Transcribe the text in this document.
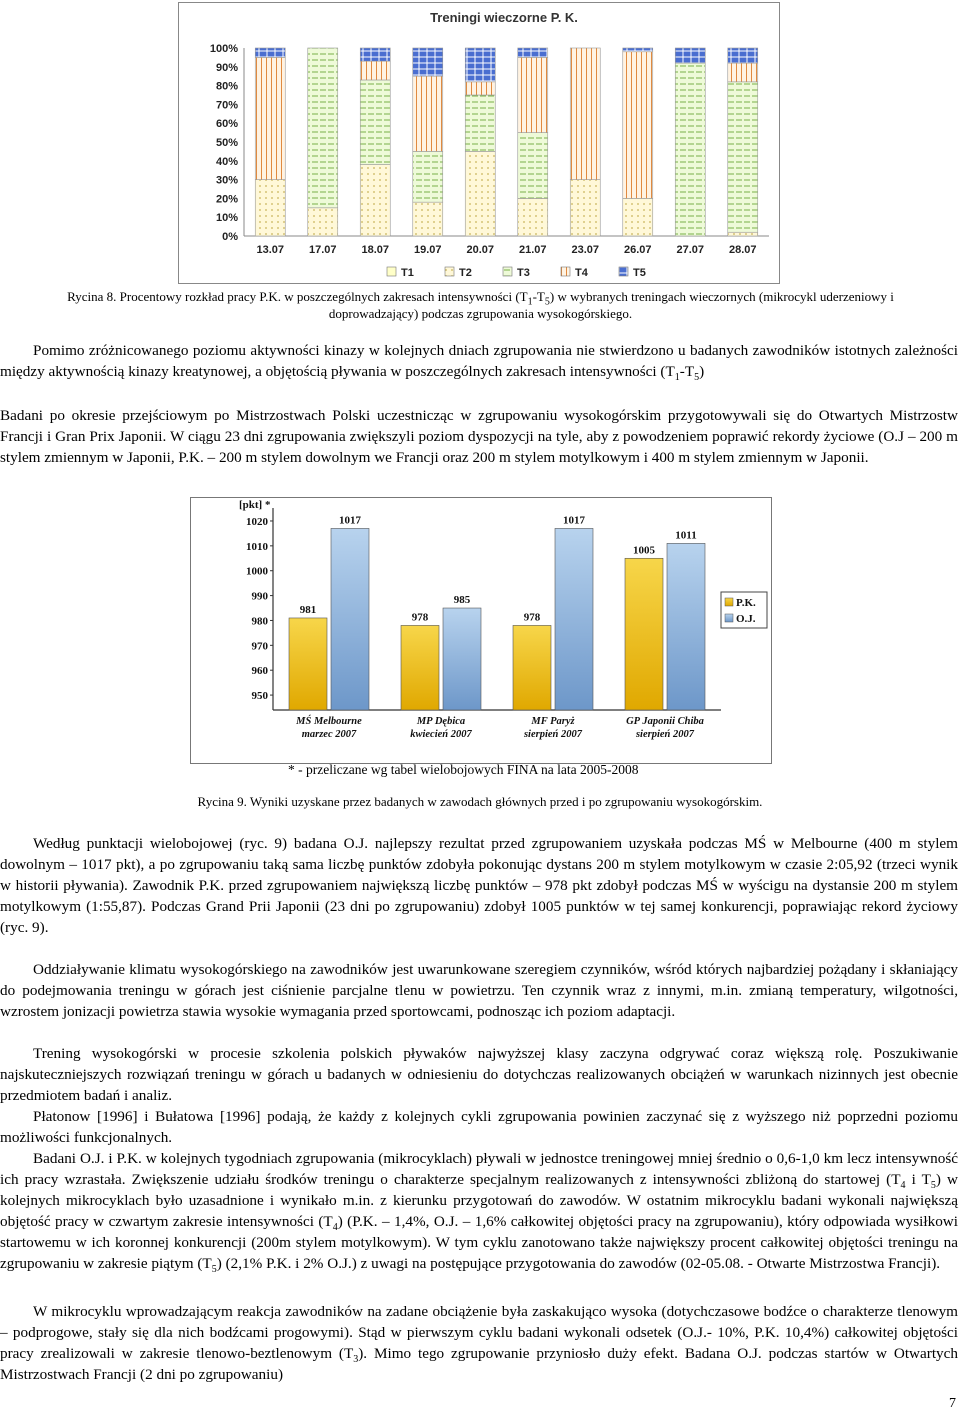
Treningi wieczorne P. K.
100%
90%
80%
70%
60%
50%
40%
30%
20%
10%
0%
13.07 17.07 18.07 19.07 20.07 21.07 23.07 26.07 27.07 28.07
T1	T2	T3	T4	T5
Rycina 8. Procentowy rozkład pracy P.K. w poszczególnych zakresach intensywności $(T_1-T_5)$ w wybranych treningach wieczornych (mikrocykl uderzeniowy i
doprowadzający) podczas zgrupowania wysokogórskiego.
Pomimo zróżnicowanego poziomu aktywności kinazy w kolejnych dniach zgrupowania nie stwierdzono u badanych zawodników istotnych zależności między aktywnością kinazy kreatynowej, a objętością pływania w poszczególnych zakresach intensywności $(T_1-T_5)$
Badani po okresie przejściowym po Mistrzostwach Polski uczestnicząc w zgrupowaniu wysokogórskim przygotowywali się do Otwartych Mistrzostw Francji i Gran Prix Japonii. W ciągu 23 dni zgrupowania zwiększyli poziom dyspozycji na tyle, aby z powodzeniem poprawić rekordy życiowe (O.J – 200 m stylem zmiennym w Japonii, P.K. – 200 m stylem dowolnym we Francji oraz 200 m stylem motylkowym i 400 m stylem zmiennym w Japonii.
[pkt] *
1020
1010
1000
990
980
970
960
950
981
1017
978
985
978
1017
1005
1011
MŚ Melbourne
marzec 2007
MP Dębica
kwiecień 2007
MF Paryż
sierpień 2007
GP Japonii Chiba
sierpień 2007
P.K.
O.J.
* - przeliczane wg tabel wielobojowych FINA na lata 2005-2008
Rycina 9. Wyniki uzyskane przez badanych w zawodach głównych przed i po zgrupowaniu wysokogórskim.
Według punktacji wielobojowej (ryc. 9) badana O.J. najlepszy rezultat przed zgrupowaniem uzyskała podczas MŚ w Melbourne (400 m stylem dowolnym – 1017 pkt), a po zgrupowaniu taką sama liczbę punktów zdobyła pokonując dystans 200 m stylem motylkowym w czasie 2:05,92 (trzeci wynik w historii pływania). Zawodnik P.K. przed zgrupowaniem największą liczbę punktów – 978 pkt zdobył podczas MŚ w wyścigu na dystansie 200 m stylem motylkowym (1:55,87). Podczas Grand Prii Japonii (23 dni po zgrupowaniu) zdobył 1005 punktów w tej samej konkurencji, poprawiając rekord życiowy (ryc. 9).
Oddziaływanie klimatu wysokogórskiego na zawodników jest uwarunkowane szeregiem czynników, wśród których najbardziej pożądany i skłaniający do podejmowania treningu w górach jest ciśnienie parcjalne tlenu w powietrzu. Ten czynnik wraz z innymi, m.in. zmianą temperatury, wilgotności, wzrostem jonizacji powietrza stawia wysokie wymagania przed sportowcami, podnosząc ich poziom adaptacji.
Trening wysokogórski w procesie szkolenia polskich pływaków najwyższej klasy zaczyna odgrywać coraz większą rolę. Poszukiwanie najskuteczniejszych rozwiązań treningu w górach u badanych w odniesieniu do dotychczas realizowanych obciążeń w warunkach nizinnych jest obecnie przedmiotem badań i analiz.
Płatonow [1996] i Bułatowa [1996] podają, że każdy z kolejnych cykli zgrupowania powinien zaczynać się z wyższego niż poprzedni poziomu możliwości funkcjonalnych.
Badani O.J. i P.K. w kolejnych tygodniach zgrupowania (mikrocyklach) pływali w jednostce treningowej mniej średnio o 0,6-1,0 km lecz intensywność ich pracy wzrastała. Zwiększenie udziału środków treningu o charakterze specjalnym realizowanych z intensywności zbliżoną do startowej ($T_4$ i $T_5$) w kolejnych mikrocyklach było uzasadnione i wynikało m.in. z kierunku przygotowań do zawodów. W ostatnim mikrocyklu badani wykonali największą objętość pracy w czwartym zakresie intensywności $(T_4)$ (P.K. – 1,4%, O.J. – 1,6% całkowitej objętości pracy na zgrupowaniu), który odpowiada wysiłkowi startowemu w ich koronnej konkurencji (200m stylem motylkowym). W tym cyklu zanotowano także największy procent całkowitej objętości treningu na zgrupowaniu w zakresie piątym $(T_5)$ (2,1% P.K. i 2% O.J.) z uwagi na postępujące przygotowania do zawodów (02-05.08. - Otwarte Mistrzostwa Francji).
W mikrocyklu wprowadzającym reakcja zawodników na zadane obciążenie była zaskakująco wysoka (dotychczasowe bodźce o charakterze tlenowym – podprogowe, stały się dla nich bodźcami progowymi). Stąd w pierwszym cyklu badani wykonali odsetek (O.J.- 10%, P.K. 10,4%) całkowitej objętości pracy zrealizowali w zakresie tlenowo-beztlenowym $(T_3)$. Mimo tego zgrupowanie przyniosło duży efekt. Badana O.J. podczas startów w Otwartych Mistrzostwach Francji (2 dni po zgrupowaniu)
7
